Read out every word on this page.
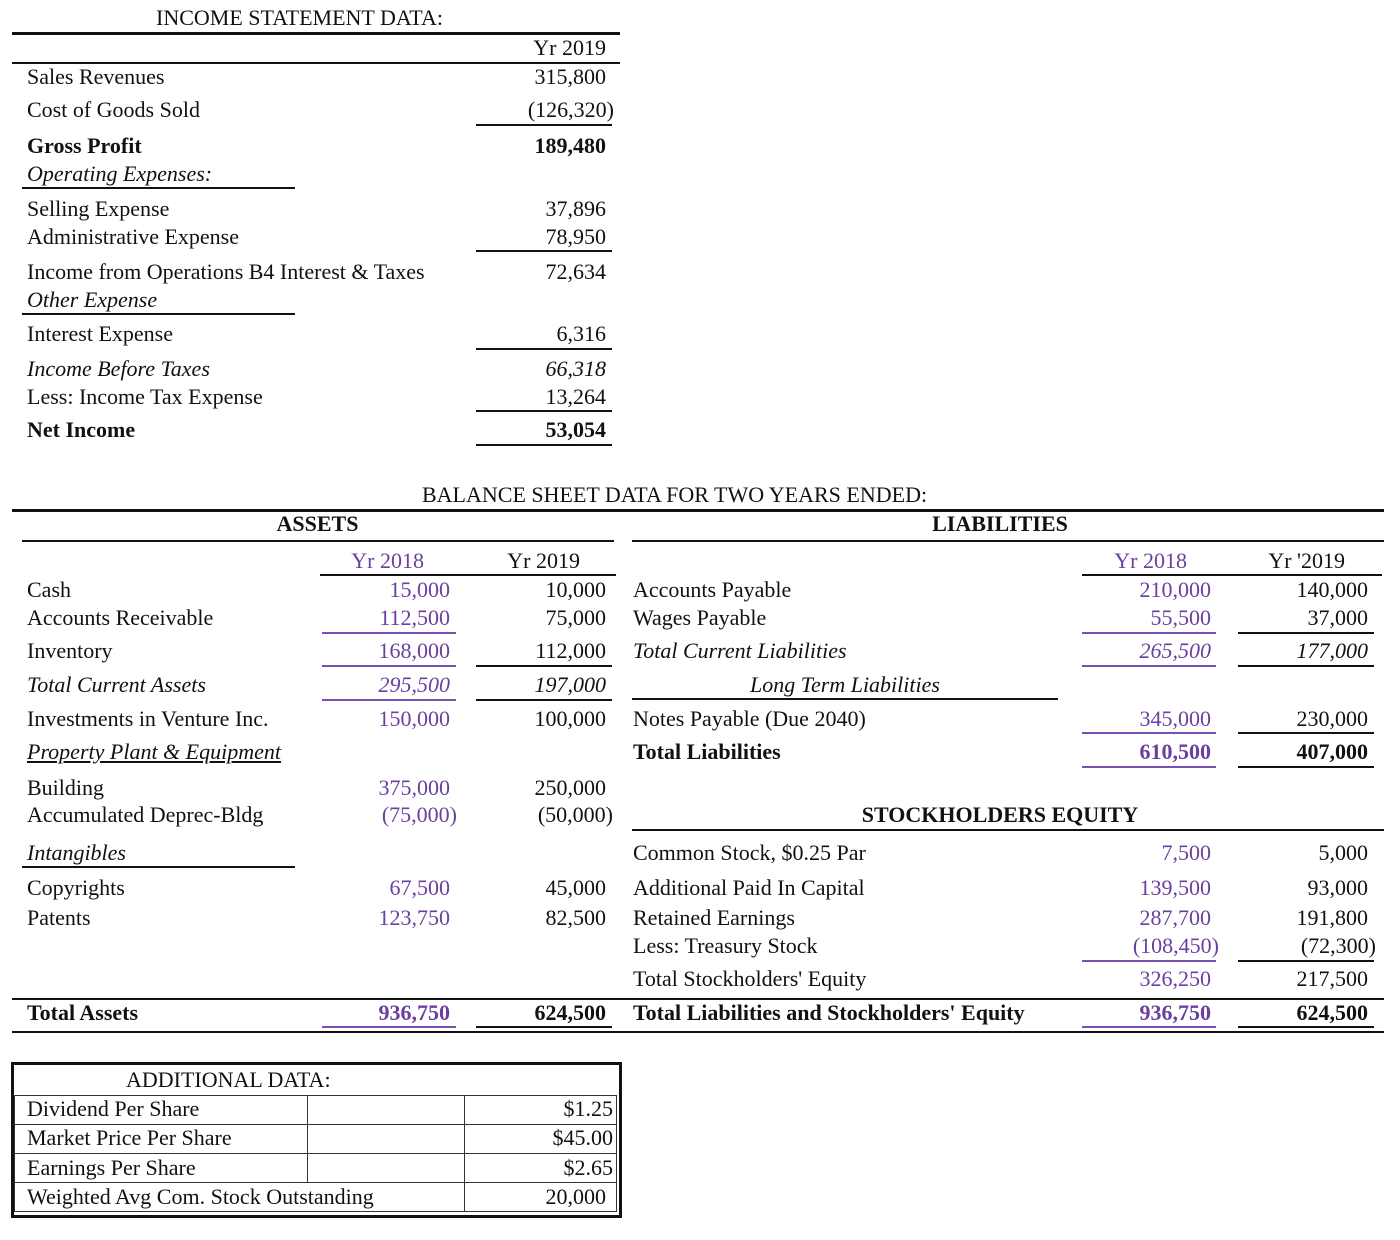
INCOME STATEMENT DATA:
Yr 2019
Sales Revenues	315,800
Cost of Goods Sold	(126,320)
Gross Profit	189,480
Operating Expenses:
Selling Expense	37,896
Administrative Expense	78,950
Income from Operations B4 Interest & Taxes	72,634
Other Expense
Interest Expense	6,316
Income Before Taxes	66,318
Less: Income Tax Expense	13,264
Net Income	53,054
BALANCE SHEET DATA FOR TWO YEARS ENDED:
ASSETS	LIABILITIES
Yr 2018	Yr 2019	Yr 2018	Yr '2019
Cash	15,000	10,000
Accounts Receivable	112,500	75,000
Inventory	168,000	112,000
Total Current Assets	295,500	197,000
Investments in Venture Inc.	150,000	100,000
Property Plant & Equipment
Building	375,000	250,000
Accumulated Deprec-Bldg	(75,000)	(50,000)
Intangibles
Copyrights	67,500	45,000
Patents	123,750	82,500
Total Assets	936,750	624,500
Accounts Payable	210,000	140,000
Wages Payable	55,500	37,000
Total Current Liabilities	265,500	177,000
Long Term Liabilities
Notes Payable (Due 2040)	345,000	230,000
Total Liabilities	610,500	407,000
STOCKHOLDERS EQUITY
Common Stock, $0.25 Par	7,500	5,000
Additional Paid In Capital	139,500	93,000
Retained Earnings	287,700	191,800
Less: Treasury Stock	(108,450)	(72,300)
Total Stockholders' Equity	326,250	217,500
Total Liabilities and Stockholders' Equity	936,750	624,500
ADDITIONAL DATA:
Dividend Per Share	$1.25
Market Price Per Share	$45.00
Earnings Per Share	$2.65
Weighted Avg Com. Stock Outstanding	20,000
